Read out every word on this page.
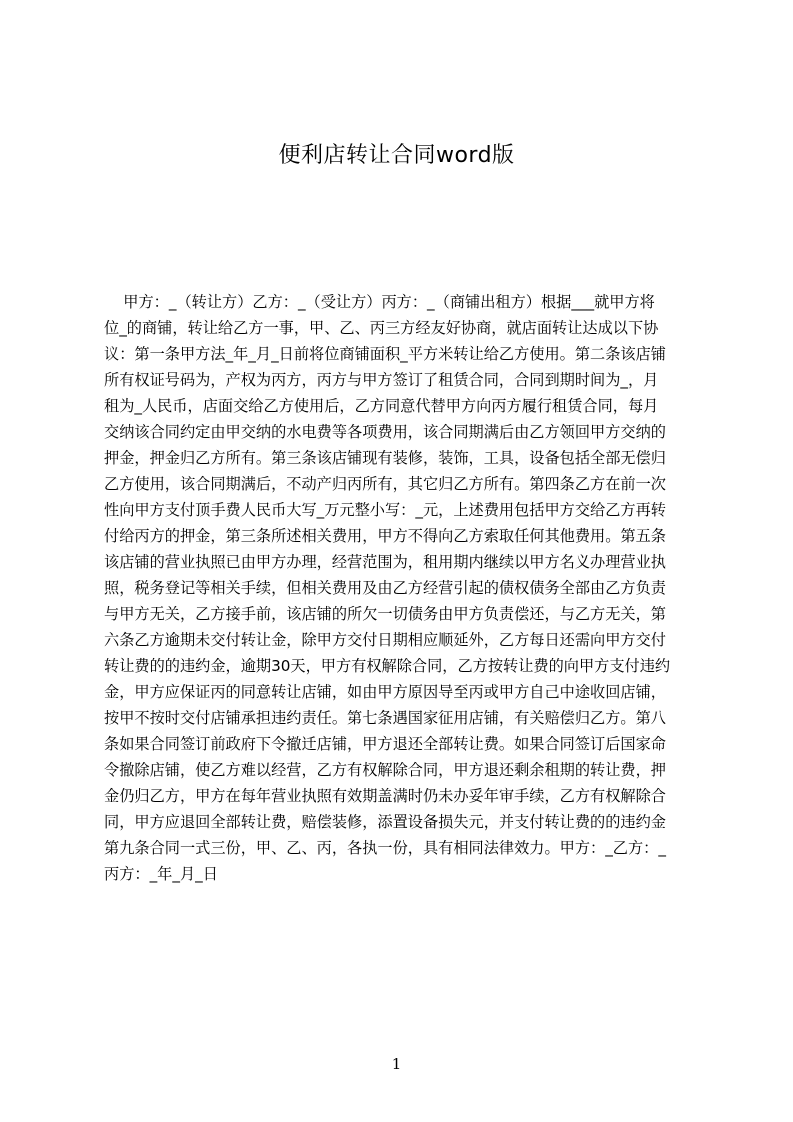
便利店转让合同word版
甲方：_（转让方）乙方：_（受让方）丙方：_（商铺出租方）根据___就甲方将
位_的商铺，转让给乙方一事，甲、乙、丙三方经友好协商，就店面转让达成以下协
议：第一条甲方法_年_月_日前将位商铺面积_平方米转让给乙方使用。第二条该店铺
所有权证号码为，产权为丙方，丙方与甲方签订了租赁合同，合同到期时间为_，月
租为_人民币，店面交给乙方使用后，乙方同意代替甲方向丙方履行租赁合同，每月
交纳该合同约定由甲交纳的水电费等各项费用，该合同期满后由乙方领回甲方交纳的
押金，押金归乙方所有。第三条该店铺现有装修，装饰，工具，设备包括全部无偿归
乙方使用，该合同期满后，不动产归丙所有，其它归乙方所有。第四条乙方在前一次
性向甲方支付顶手费人民币大写_万元整小写：_元，上述费用包括甲方交给乙方再转
付给丙方的押金，第三条所述相关费用，甲方不得向乙方索取任何其他费用。第五条
该店铺的营业执照已由甲方办理，经营范围为，租用期内继续以甲方名义办理营业执
照，税务登记等相关手续，但相关费用及由乙方经营引起的债权债务全部由乙方负责
与甲方无关，乙方接手前，该店铺的所欠一切债务由甲方负责偿还，与乙方无关，第
六条乙方逾期未交付转让金，除甲方交付日期相应顺延外，乙方每日还需向甲方交付
转让费的的违约金，逾期30天，甲方有权解除合同，乙方按转让费的向甲方支付违约
金，甲方应保证丙的同意转让店铺，如由甲方原因导至丙或甲方自己中途收回店铺，
按甲不按时交付店铺承担违约责任。第七条遇国家征用店铺，有关赔偿归乙方。第八
条如果合同签订前政府下令撤迁店铺，甲方退还全部转让费。如果合同签订后国家命
令撤除店铺，使乙方难以经营，乙方有权解除合同，甲方退还剩余租期的转让费，押
金仍归乙方，甲方在每年营业执照有效期盖满时仍未办妥年审手续，乙方有权解除合
同，甲方应退回全部转让费，赔偿装修，添置设备损失元，并支付转让费的的违约金
第九条合同一式三份，甲、乙、丙，各执一份，具有相同法律效力。甲方：_乙方：_
丙方：_年_月_日
1
